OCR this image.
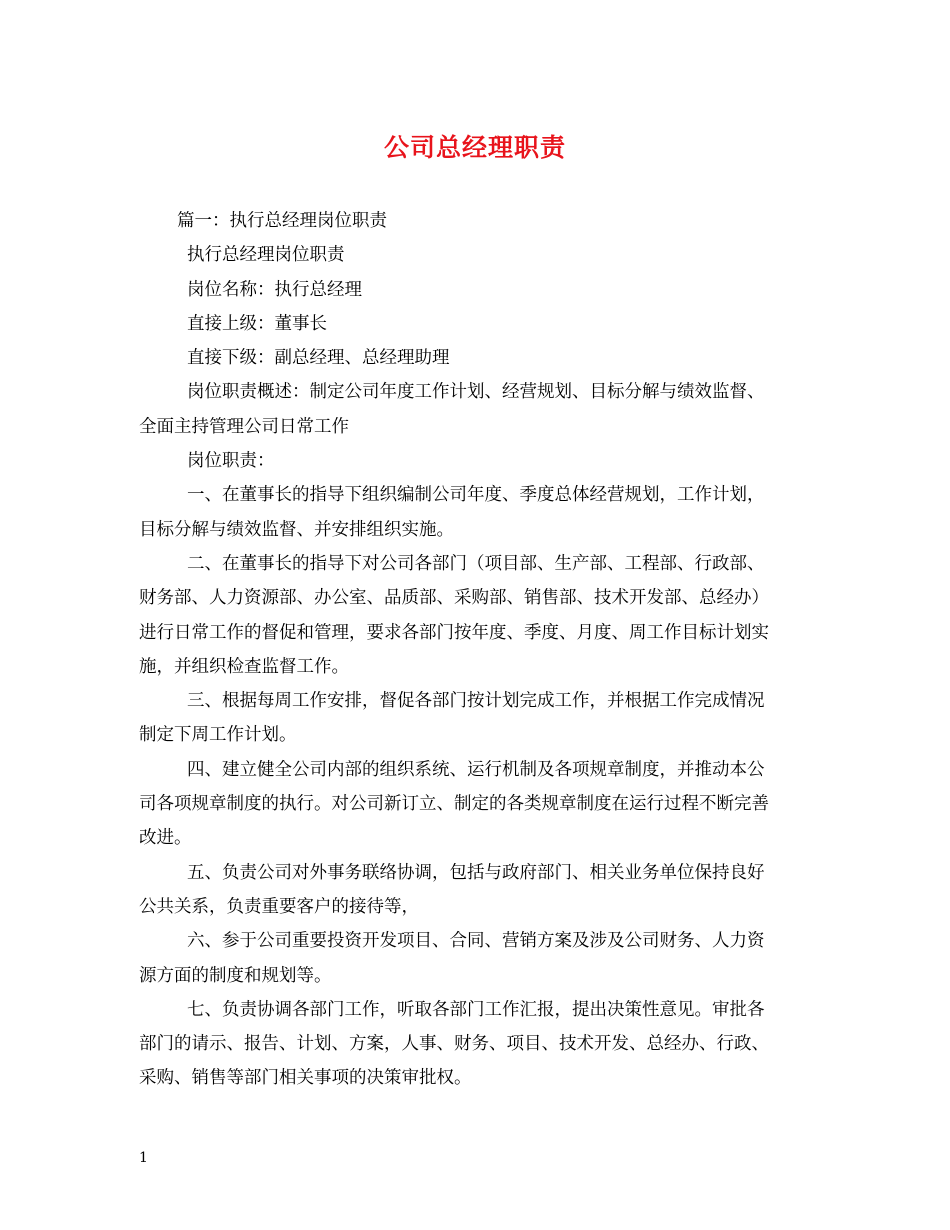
公司总经理职责
篇一：执行总经理岗位职责
执行总经理岗位职责
岗位名称：执行总经理
直接上级：董事长
直接下级：副总经理、总经理助理
岗位职责概述：制定公司年度工作计划、经营规划、目标分解与绩效监督、
全面主持管理公司日常工作
岗位职责：
一、在董事长的指导下组织编制公司年度、季度总体经营规划，工作计划，
目标分解与绩效监督、并安排组织实施。
二、在董事长的指导下对公司各部门（项目部、生产部、工程部、行政部、
财务部、人力资源部、办公室、品质部、采购部、销售部、技术开发部、总经办）
进行日常工作的督促和管理，要求各部门按年度、季度、月度、周工作目标计划实
施，并组织检查监督工作。
三、根据每周工作安排，督促各部门按计划完成工作，并根据工作完成情况
制定下周工作计划。
四、建立健全公司内部的组织系统、运行机制及各项规章制度，并推动本公
司各项规章制度的执行。对公司新订立、制定的各类规章制度在运行过程不断完善
改进。
五、负责公司对外事务联络协调，包括与政府部门、相关业务单位保持良好
公共关系，负责重要客户的接待等，
六、参于公司重要投资开发项目、合同、营销方案及涉及公司财务、人力资
源方面的制度和规划等。
七、负责协调各部门工作，听取各部门工作汇报，提出决策性意见。审批各
部门的请示、报告、计划、方案，人事、财务、项目、技术开发、总经办、行政、
采购、销售等部门相关事项的决策审批权。
1
